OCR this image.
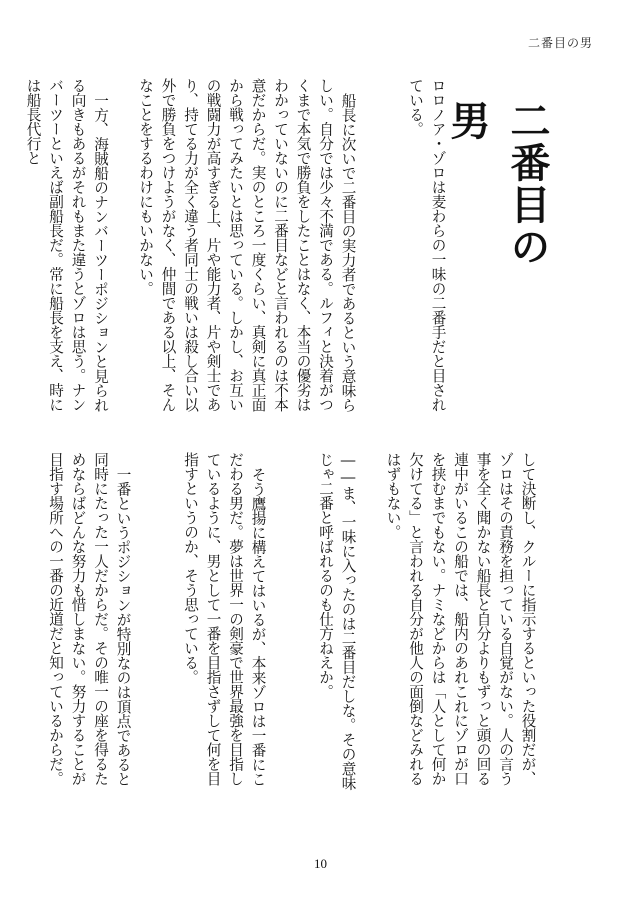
二番目の男
二番目の男

ロロノア・ゾロは麦わらの一味の二番手だと目されている。

船長に次いで二番目の実力者であるという意味らしい。自分では少々不満である。ルフィと決着がつくまで本気で勝負をしたことはなく、本当の優劣はわかっていないのに二番目などと言われるのは不本意だからだ。実のところ一度くらい、真剣に真正面から戦ってみたいとは思っている。しかし、お互いの戦闘力が高すぎる上、片や能力者、片や剣士であり、持てる力が全く違う者同士の戦いは殺し合い以外で勝負をつけようがなく、仲間である以上、そんなことをするわけにもいかない。

一方、海賊船のナンバーツーポジションと見られる向きもあるがそれもまた違うとゾロは思う。ナンバーツーといえば副船長だ。常に船長を支え、時には船長代行と

して決断し、クルーに指示するといった役割だが、ゾロはその責務を担っている自覚がない。人の言う事を全く聞かない船長と自分よりもずっと頭の回る連中がいるこの船では、船内のあれこれにゾロが口を挟むまでもない。ナミなどからは「人として何か欠けてる」と言われる自分が他人の面倒などみれるはずもない。

――ま、一味に入ったのは二番目だしな。その意味じゃ二番と呼ばれるのも仕方ねえか。

そう鷹揚に構えてはいるが、本来ゾロは一番にこだわる男だ。夢は世界一の剣豪で世界最強を目指しているように、男として一番を目指さずして何を目指すというのか、そう思っている。

一番というポジションが特別なのは頂点であると同時にたった一人だからだ。その唯一の座を得るためならばどんな努力も惜しまない。努力することが目指す場所への一番の近道だと知っているからだ。

10
